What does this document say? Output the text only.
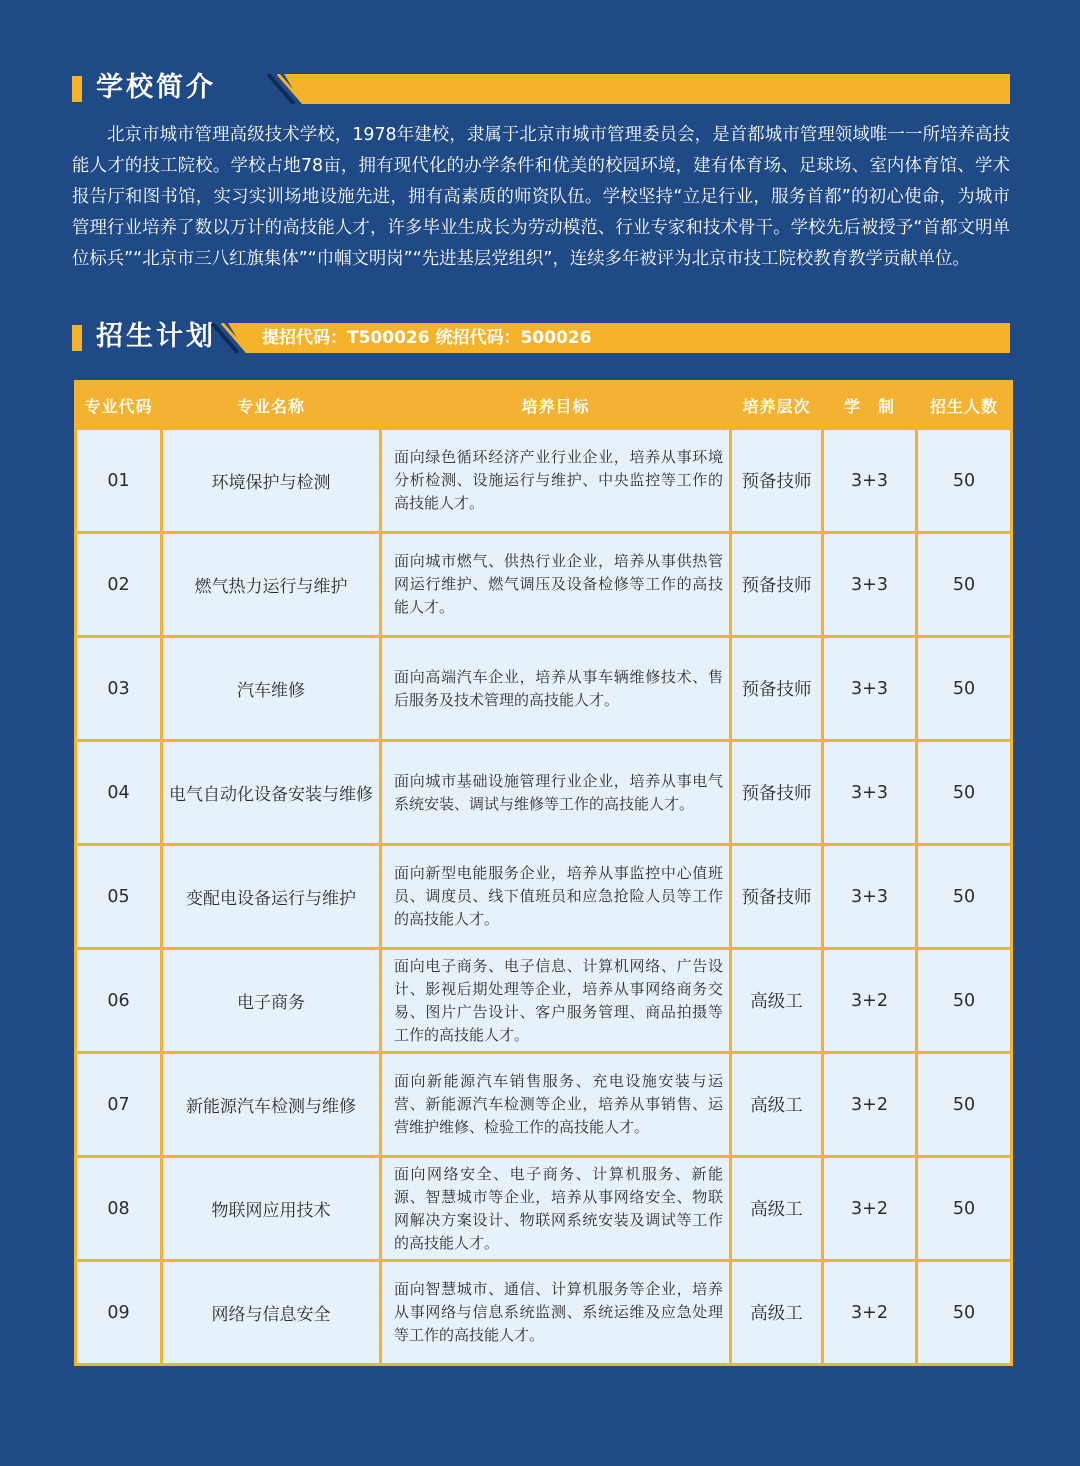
学校简介

北京市城市管理高级技术学校，1978年建校，隶属于北京市城市管理委员会，是首都城市管理领域唯一一所培养高技能人才的技工院校。学校占地78亩，拥有现代化的办学条件和优美的校园环境，建有体育场、足球场、室内体育馆、学术报告厅和图书馆，实习实训场地设施先进，拥有高素质的师资队伍。学校坚持“立足行业，服务首都”的初心使命，为城市管理行业培养了数以万计的高技能人才，许多毕业生成长为劳动模范、行业专家和技术骨干。学校先后被授予“首都文明单位标兵”“北京市三八红旗集体”“巾帼文明岗”“先进基层党组织”，连续多年被评为北京市技工院校教育教学贡献单位。

招生计划	提招代码：T500026 统招代码：500026
专业代码	专业名称	培养目标	培养层次	学　制	招生人数
01	环境保护与检测	面向绿色循环经济产业行业企业，培养从事环境分析检测、设施运行与维护、中央监控等工作的高技能人才。	预备技师	3+3	50
02	燃气热力运行与维护	面向城市燃气、供热行业企业，培养从事供热管网运行维护、燃气调压及设备检修等工作的高技能人才。	预备技师	3+3	50
03	汽车维修	面向高端汽车企业，培养从事车辆维修技术、售后服务及技术管理的高技能人才。	预备技师	3+3	50
04	电气自动化设备安装与维修	面向城市基础设施管理行业企业，培养从事电气系统安装、调试与维修等工作的高技能人才。	预备技师	3+3	50
05	变配电设备运行与维护	面向新型电能服务企业，培养从事监控中心值班员、调度员、线下值班员和应急抢险人员等工作的高技能人才。	预备技师	3+3	50
06	电子商务	面向电子商务、电子信息、计算机网络、广告设计、影视后期处理等企业，培养从事网络商务交易、图片广告设计、客户服务管理、商品拍摄等工作的高技能人才。	高级工	3+2	50
07	新能源汽车检测与维修	面向新能源汽车销售服务、充电设施安装与运营、新能源汽车检测等企业，培养从事销售、运营维护维修、检验工作的高技能人才。	高级工	3+2	50
08	物联网应用技术	面向网络安全、电子商务、计算机服务、新能源、智慧城市等企业，培养从事网络安全、物联网解决方案设计、物联网系统安装及调试等工作的高技能人才。	高级工	3+2	50
09	网络与信息安全	面向智慧城市、通信、计算机服务等企业，培养从事网络与信息系统监测、系统运维及应急处理等工作的高技能人才。	高级工	3+2	50
